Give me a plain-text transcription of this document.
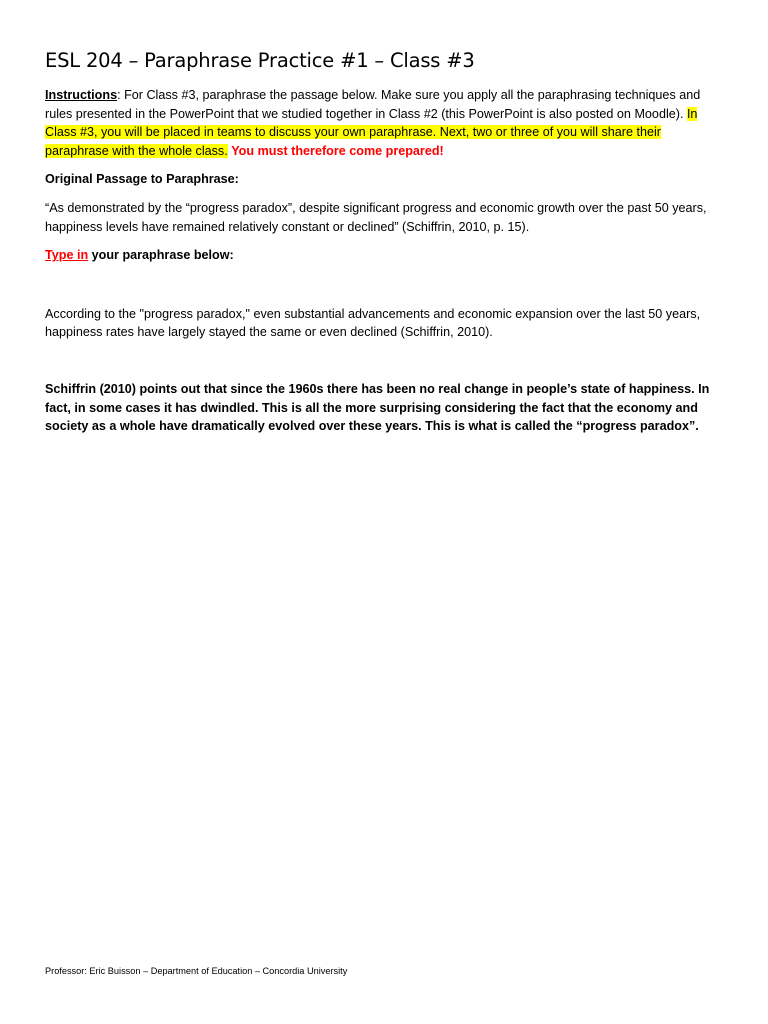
ESL 204 – Paraphrase Practice #1 – Class #3

Instructions: For Class #3, paraphrase the passage below. Make sure you apply all the paraphrasing techniques and rules presented in the PowerPoint that we studied together in Class #2 (this PowerPoint is also posted on Moodle). In Class #3, you will be placed in teams to discuss your own paraphrase. Next, two or three of you will share their paraphrase with the whole class. You must therefore come prepared!

Original Passage to Paraphrase:

“As demonstrated by the “progress paradox”, despite significant progress and economic growth over the past 50 years, happiness levels have remained relatively constant or declined” (Schiffrin, 2010, p. 15).

Type in your paraphrase below:

According to the "progress paradox," even substantial advancements and economic expansion over the last 50 years, happiness rates have largely stayed the same or even declined (Schiffrin, 2010).

Schiffrin (2010) points out that since the 1960s there has been no real change in people’s state of happiness. In fact, in some cases it has dwindled. This is all the more surprising considering the fact that the economy and society as a whole have dramatically evolved over these years. This is what is called the “progress paradox”.

Professor: Eric Buisson – Department of Education – Concordia University
